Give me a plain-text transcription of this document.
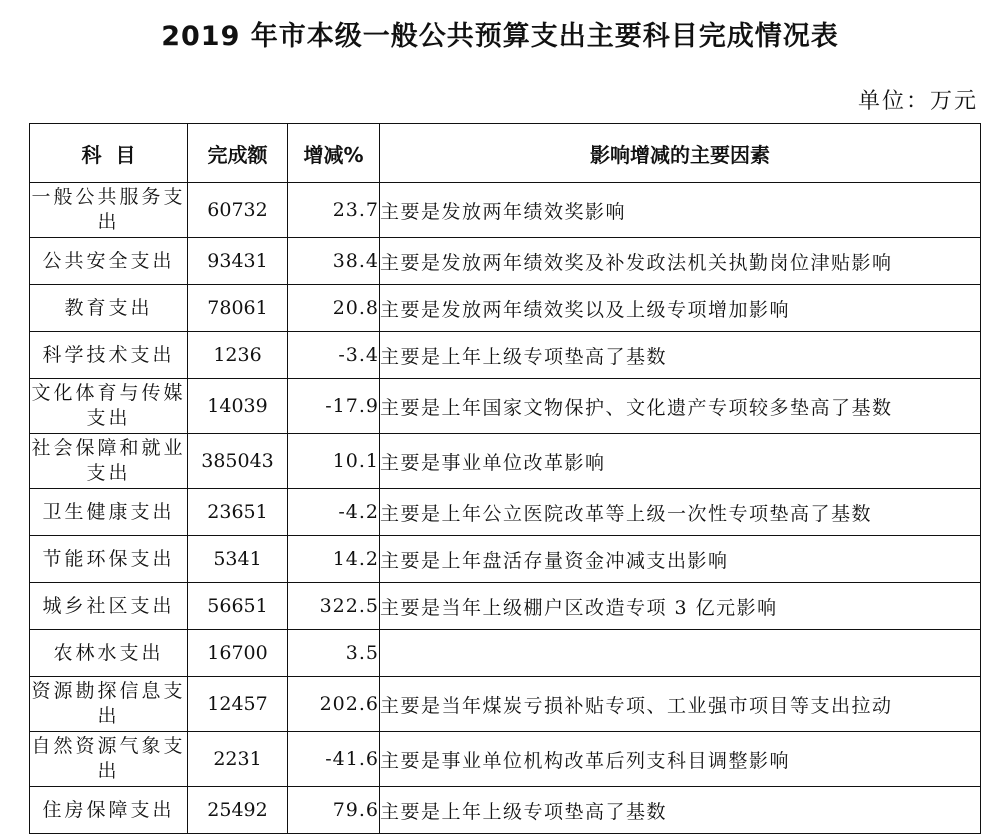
2019 年市本级一般公共预算支出主要科目完成情况表
单位：万元
科目	完成额	增减%	影响增减的主要因素
一般公共服务支出	60732	23.7	主要是发放两年绩效奖影响
公共安全支出	93431	38.4	主要是发放两年绩效奖及补发政法机关执勤岗位津贴影响
教育支出	78061	20.8	主要是发放两年绩效奖以及上级专项增加影响
科学技术支出	1236	-3.4	主要是上年上级专项垫高了基数
文化体育与传媒支出	14039	-17.9	主要是上年国家文物保护、文化遗产专项较多垫高了基数
社会保障和就业支出	385043	10.1	主要是事业单位改革影响
卫生健康支出	23651	-4.2	主要是上年公立医院改革等上级一次性专项垫高了基数
节能环保支出	5341	14.2	主要是上年盘活存量资金冲减支出影响
城乡社区支出	56651	322.5	主要是当年上级棚户区改造专项 3 亿元影响
农林水支出	16700	3.5	
资源勘探信息支出	12457	202.6	主要是当年煤炭亏损补贴专项、工业强市项目等支出拉动
自然资源气象支出	2231	-41.6	主要是事业单位机构改革后列支科目调整影响
住房保障支出	25492	79.6	主要是上年上级专项垫高了基数
